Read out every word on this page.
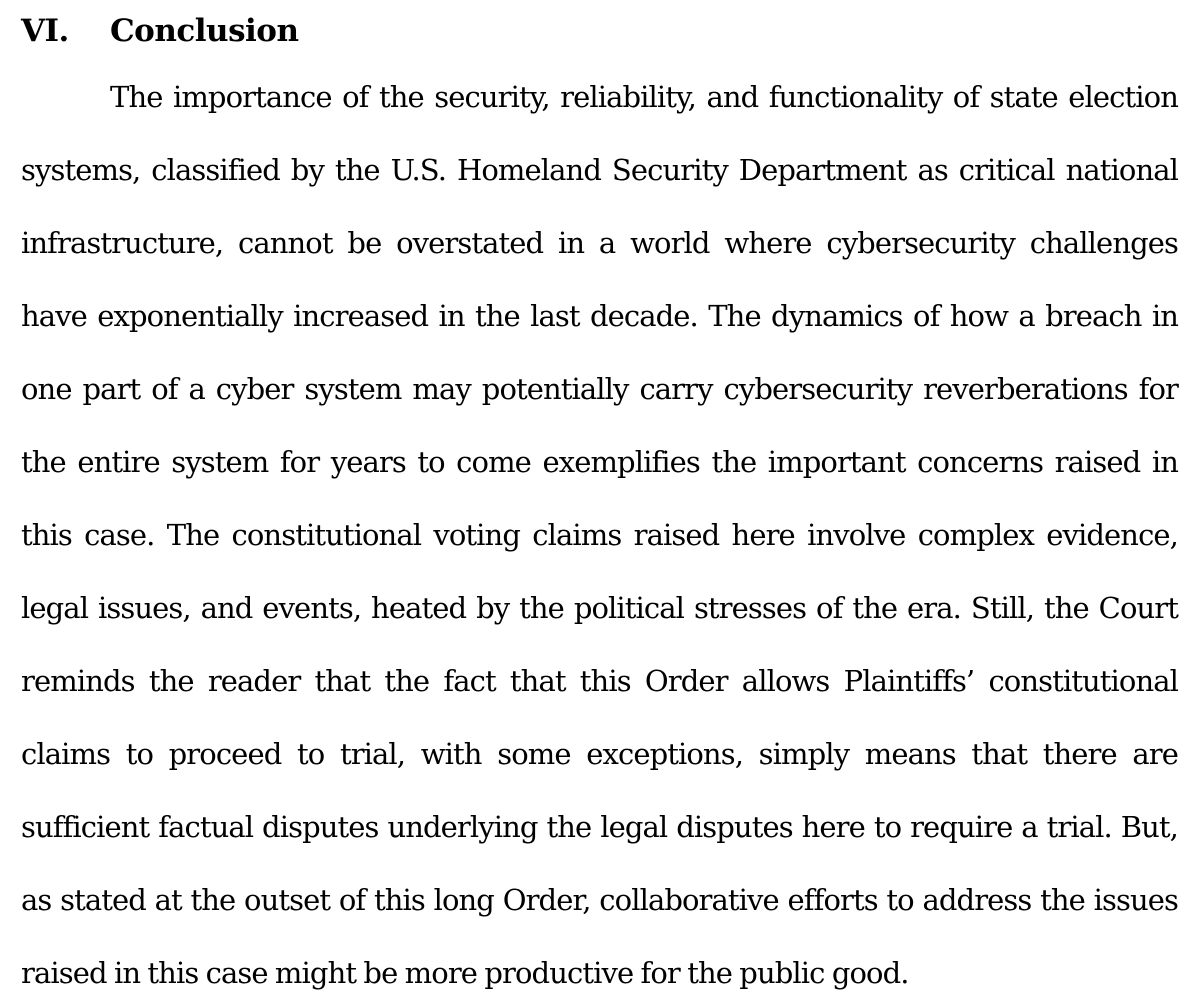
VI.	Conclusion
The importance of the security, reliability, and functionality of state election
systems, classified by the U.S. Homeland Security Department as critical national
infrastructure, cannot be overstated in a world where cybersecurity challenges
have exponentially increased in the last decade. The dynamics of how a breach in
one part of a cyber system may potentially carry cybersecurity reverberations for
the entire system for years to come exemplifies the important concerns raised in
this case. The constitutional voting claims raised here involve complex evidence,
legal issues, and events, heated by the political stresses of the era. Still, the Court
reminds the reader that the fact that this Order allows Plaintiffs’ constitutional
claims to proceed to trial, with some exceptions, simply means that there are
sufficient factual disputes underlying the legal disputes here to require a trial. But,
as stated at the outset of this long Order, collaborative efforts to address the issues
raised in this case might be more productive for the public good.
